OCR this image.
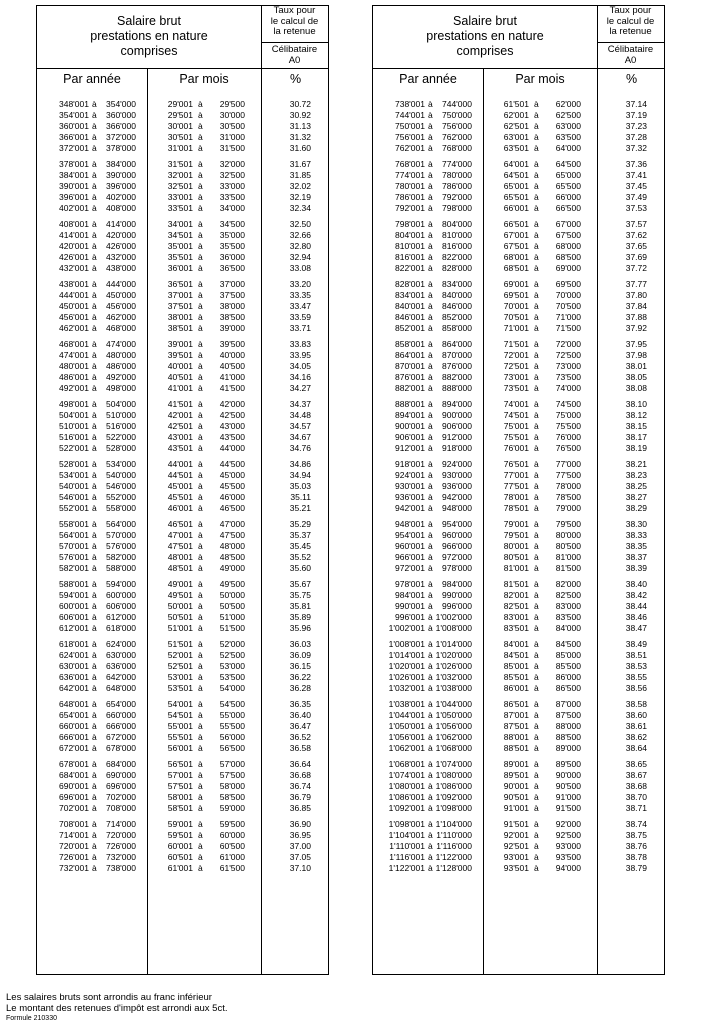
Salaire brut
prestations en nature
comprises
Taux pour
le calcul de
la retenue
Célibataire
A0
Par année	Par mois	%
348'001 à	354'000	29'001 à	29'500	30.72
354'001 à	360'000	29'501 à	30'000	30.92
360'001 à	366'000	30'001 à	30'500	31.13
366'001 à	372'000	30'501 à	31'000	31.32
372'001 à	378'000	31'001 à	31'500	31.60
378'001 à	384'000	31'501 à	32'000	31.67
384'001 à	390'000	32'001 à	32'500	31.85
390'001 à	396'000	32'501 à	33'000	32.02
396'001 à	402'000	33'001 à	33'500	32.19
402'001 à	408'000	33'501 à	34'000	32.34
408'001 à	414'000	34'001 à	34'500	32.50
414'001 à	420'000	34'501 à	35'000	32.66
420'001 à	426'000	35'001 à	35'500	32.80
426'001 à	432'000	35'501 à	36'000	32.94
432'001 à	438'000	36'001 à	36'500	33.08
438'001 à	444'000	36'501 à	37'000	33.20
444'001 à	450'000	37'001 à	37'500	33.35
450'001 à	456'000	37'501 à	38'000	33.47
456'001 à	462'000	38'001 à	38'500	33.59
462'001 à	468'000	38'501 à	39'000	33.71
468'001 à	474'000	39'001 à	39'500	33.83
474'001 à	480'000	39'501 à	40'000	33.95
480'001 à	486'000	40'001 à	40'500	34.05
486'001 à	492'000	40'501 à	41'000	34.16
492'001 à	498'000	41'001 à	41'500	34.27
498'001 à	504'000	41'501 à	42'000	34.37
504'001 à	510'000	42'001 à	42'500	34.48
510'001 à	516'000	42'501 à	43'000	34.57
516'001 à	522'000	43'001 à	43'500	34.67
522'001 à	528'000	43'501 à	44'000	34.76
528'001 à	534'000	44'001 à	44'500	34.86
534'001 à	540'000	44'501 à	45'000	34.94
540'001 à	546'000	45'001 à	45'500	35.03
546'001 à	552'000	45'501 à	46'000	35.11
552'001 à	558'000	46'001 à	46'500	35.21
558'001 à	564'000	46'501 à	47'000	35.29
564'001 à	570'000	47'001 à	47'500	35.37
570'001 à	576'000	47'501 à	48'000	35.45
576'001 à	582'000	48'001 à	48'500	35.52
582'001 à	588'000	48'501 à	49'000	35.60
588'001 à	594'000	49'001 à	49'500	35.67
594'001 à	600'000	49'501 à	50'000	35.75
600'001 à	606'000	50'001 à	50'500	35.81
606'001 à	612'000	50'501 à	51'000	35.89
612'001 à	618'000	51'001 à	51'500	35.96
618'001 à	624'000	51'501 à	52'000	36.03
624'001 à	630'000	52'001 à	52'500	36.09
630'001 à	636'000	52'501 à	53'000	36.15
636'001 à	642'000	53'001 à	53'500	36.22
642'001 à	648'000	53'501 à	54'000	36.28
648'001 à	654'000	54'001 à	54'500	36.35
654'001 à	660'000	54'501 à	55'000	36.40
660'001 à	666'000	55'001 à	55'500	36.47
666'001 à	672'000	55'501 à	56'000	36.52
672'001 à	678'000	56'001 à	56'500	36.58
678'001 à	684'000	56'501 à	57'000	36.64
684'001 à	690'000	57'001 à	57'500	36.68
690'001 à	696'000	57'501 à	58'000	36.74
696'001 à	702'000	58'001 à	58'500	36.79
702'001 à	708'000	58'501 à	59'000	36.85
708'001 à	714'000	59'001 à	59'500	36.90
714'001 à	720'000	59'501 à	60'000	36.95
720'001 à	726'000	60'001 à	60'500	37.00
726'001 à	732'000	60'501 à	61'000	37.05
732'001 à	738'000	61'001 à	61'500	37.10
Salaire brut
prestations en nature
comprises
Taux pour
le calcul de
la retenue
Célibataire
A0
Par année	Par mois	%
738'001 à	744'000	61'501 à	62'000	37.14
744'001 à	750'000	62'001 à	62'500	37.19
750'001 à	756'000	62'501 à	63'000	37.23
756'001 à	762'000	63'001 à	63'500	37.28
762'001 à	768'000	63'501 à	64'000	37.32
768'001 à	774'000	64'001 à	64'500	37.36
774'001 à	780'000	64'501 à	65'000	37.41
780'001 à	786'000	65'001 à	65'500	37.45
786'001 à	792'000	65'501 à	66'000	37.49
792'001 à	798'000	66'001 à	66'500	37.53
798'001 à	804'000	66'501 à	67'000	37.57
804'001 à	810'000	67'001 à	67'500	37.62
810'001 à	816'000	67'501 à	68'000	37.65
816'001 à	822'000	68'001 à	68'500	37.69
822'001 à	828'000	68'501 à	69'000	37.72
828'001 à	834'000	69'001 à	69'500	37.77
834'001 à	840'000	69'501 à	70'000	37.80
840'001 à	846'000	70'001 à	70'500	37.84
846'001 à	852'000	70'501 à	71'000	37.88
852'001 à	858'000	71'001 à	71'500	37.92
858'001 à	864'000	71'501 à	72'000	37.95
864'001 à	870'000	72'001 à	72'500	37.98
870'001 à	876'000	72'501 à	73'000	38.01
876'001 à	882'000	73'001 à	73'500	38.05
882'001 à	888'000	73'501 à	74'000	38.08
888'001 à	894'000	74'001 à	74'500	38.10
894'001 à	900'000	74'501 à	75'000	38.12
900'001 à	906'000	75'001 à	75'500	38.15
906'001 à	912'000	75'501 à	76'000	38.17
912'001 à	918'000	76'001 à	76'500	38.19
918'001 à	924'000	76'501 à	77'000	38.21
924'001 à	930'000	77'001 à	77'500	38.23
930'001 à	936'000	77'501 à	78'000	38.25
936'001 à	942'000	78'001 à	78'500	38.27
942'001 à	948'000	78'501 à	79'000	38.29
948'001 à	954'000	79'001 à	79'500	38.30
954'001 à	960'000	79'501 à	80'000	38.33
960'001 à	966'000	80'001 à	80'500	38.35
966'001 à	972'000	80'501 à	81'000	38.37
972'001 à	978'000	81'001 à	81'500	38.39
978'001 à	984'000	81'501 à	82'000	38.40
984'001 à	990'000	82'001 à	82'500	38.42
990'001 à	996'000	82'501 à	83'000	38.44
996'001 à 1'002'000	83'001 à	83'500	38.46
1'002'001 à 1'008'000	83'501 à	84'000	38.47
1'008'001 à 1'014'000	84'001 à	84'500	38.49
1'014'001 à 1'020'000	84'501 à	85'000	38.51
1'020'001 à 1'026'000	85'001 à	85'500	38.53
1'026'001 à 1'032'000	85'501 à	86'000	38.55
1'032'001 à 1'038'000	86'001 à	86'500	38.56
1'038'001 à 1'044'000	86'501 à	87'000	38.58
1'044'001 à 1'050'000	87'001 à	87'500	38.60
1'050'001 à 1'056'000	87'501 à	88'000	38.61
1'056'001 à 1'062'000	88'001 à	88'500	38.62
1'062'001 à 1'068'000	88'501 à	89'000	38.64
1'068'001 à 1'074'000	89'001 à	89'500	38.65
1'074'001 à 1'080'000	89'501 à	90'000	38.67
1'080'001 à 1'086'000	90'001 à	90'500	38.68
1'086'001 à 1'092'000	90'501 à	91'000	38.70
1'092'001 à 1'098'000	91'001 à	91'500	38.71
1'098'001 à 1'104'000	91'501 à	92'000	38.74
1'104'001 à 1'110'000	92'001 à	92'500	38.75
1'110'001 à 1'116'000	92'501 à	93'000	38.76
1'116'001 à 1'122'000	93'001 à	93'500	38.78
1'122'001 à 1'128'000	93'501 à	94'000	38.79
Les salaires bruts sont arrondis au franc inférieur
Le montant des retenues d'impôt est arrondi aux 5ct.
Formule 210330
